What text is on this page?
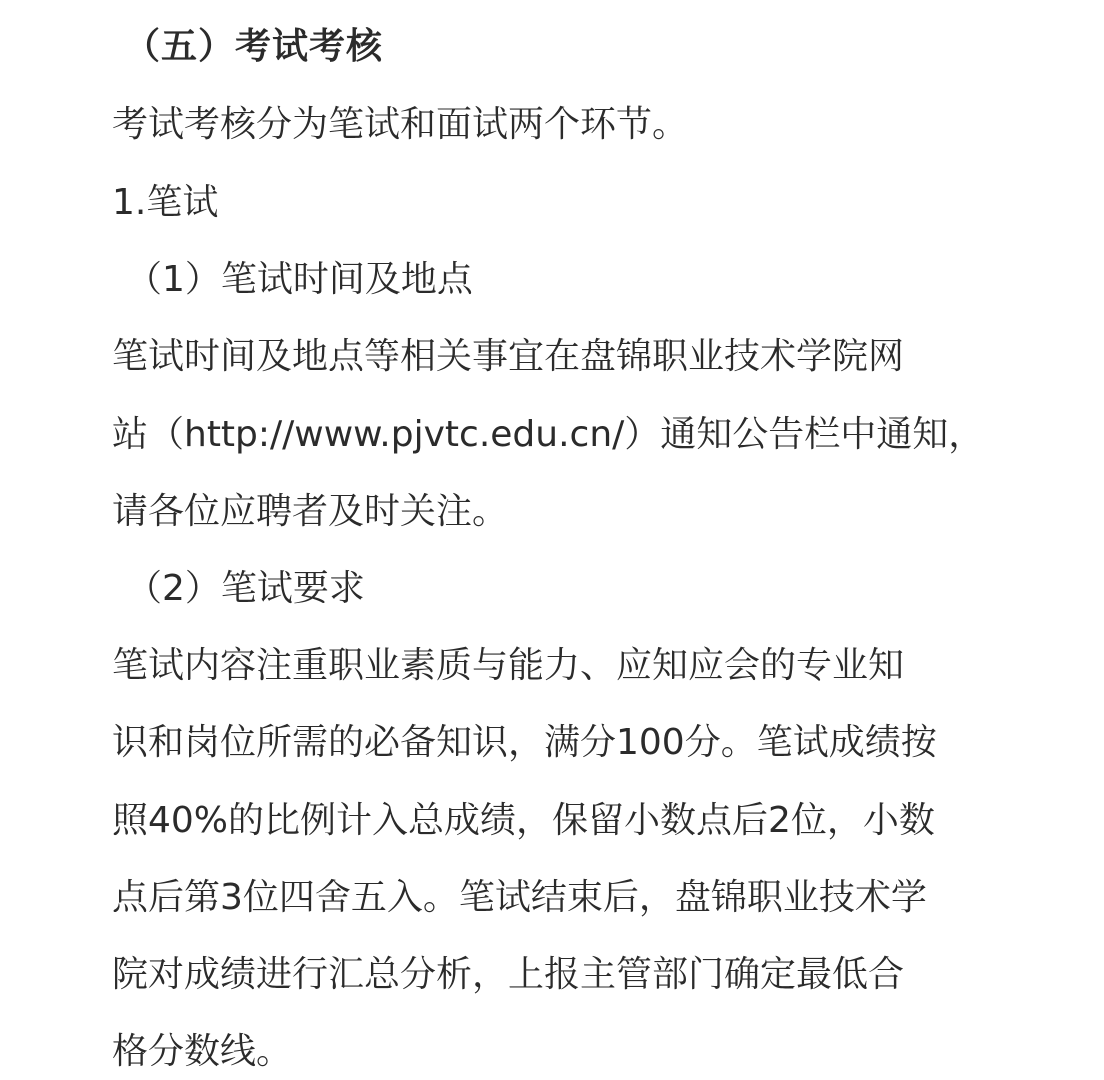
（五）考试考核
考试考核分为笔试和面试两个环节。
1.笔试
（1）笔试时间及地点
笔试时间及地点等相关事宜在盘锦职业技术学院网
站（http://www.pjvtc.edu.cn/）通知公告栏中通知，
请各位应聘者及时关注。
（2）笔试要求
笔试内容注重职业素质与能力、应知应会的专业知
识和岗位所需的必备知识，满分100分。笔试成绩按
照40%的比例计入总成绩，保留小数点后2位，小数
点后第3位四舍五入。笔试结束后，盘锦职业技术学
院对成绩进行汇总分析，上报主管部门确定最低合
格分数线。
